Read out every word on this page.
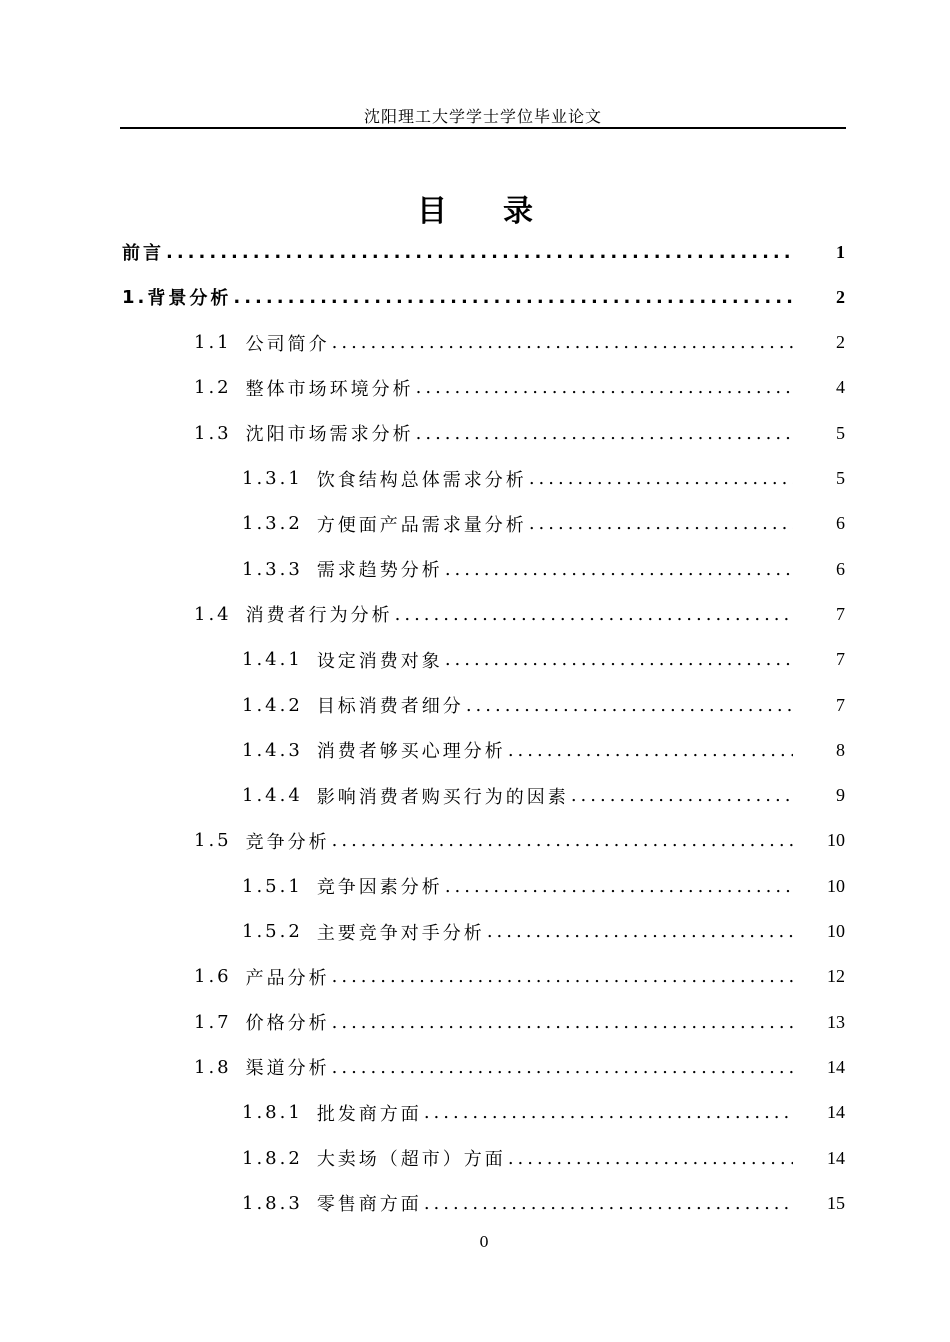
沈阳理工大学学士学位毕业论文
目录
前言 .....	1
1. 背景分析 .....	2
1.1 公司简介 .....	2
1.2 整体市场环境分析 .....	4
1.3 沈阳市场需求分析 .....	5
1.3.1 饮食结构总体需求分析 .....	5
1.3.2 方便面产品需求量分析 .....	6
1.3.3 需求趋势分析 .....	6
1.4 消费者行为分析 .....	7
1.4.1 设定消费对象 .....	7
1.4.2 目标消费者细分 .....	7
1.4.3 消费者够买心理分析 .....	8
1.4.4 影响消费者购买行为的因素 .....	9
1.5 竞争分析 .....	10
1.5.1 竞争因素分析 .....	10
1.5.2 主要竞争对手分析 .....	10
1.6 产品分析 .....	12
1.7 价格分析 .....	13
1.8 渠道分析 .....	14
1.8.1 批发商方面 .....	14
1.8.2 大卖场（超市）方面 .....	14
1.8.3 零售商方面 .....	15
0
